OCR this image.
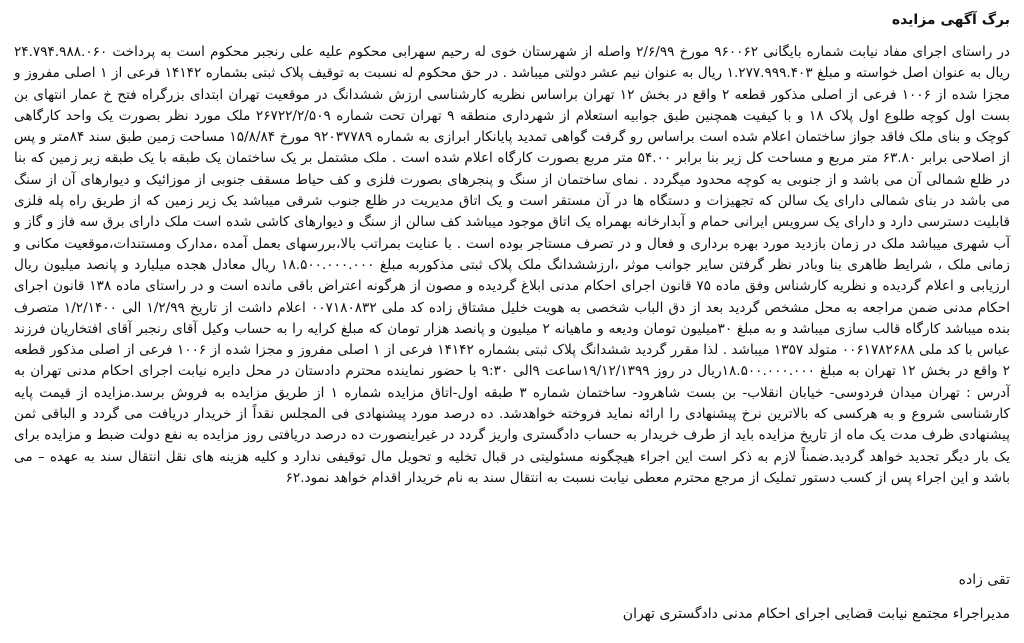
برگ آگهی مزایده

در راستای اجرای مفاد نیابت شماره بایگانی ۹۶۰۰۶۲ مورخ ۲/۶/۹۹ واصله از شهرستان خوی له رحیم سهرابی محکوم علیه علی رنجبر محکوم است به پرداخت ۲۴.۷۹۴.۹۸۸.۰۶۰ ریال به عنوان اصل خواسته و مبلغ ۱.۲۷۷.۹۹۹.۴۰۳ ریال به عنوان نیم عشر دولتی میباشد . در حق محکوم له نسبت به توقیف پلاک ثبتی بشماره ۱۴۱۴۲ فرعی از ۱ اصلی مفروز و مجزا شده از ۱۰۰۶ فرعی از اصلی مذکور قطعه ۲ واقع در بخش ۱۲ تهران براساس نظریه کارشناسی ارزش ششدانگ در موقعیت تهران ابتدای بزرگراه فتح خ عمار انتهای بن بست اول کوچه طلوع اول پلاک ۱۸ و با کیفیت همچنین طبق جوابیه استعلام از شهرداری منطقه ۹ تهران تحت شماره ۲۶۷۲۲/۲/۵۰۹ ملک مورد نظر بصورت یک واحد کارگاهی کوچک و بنای ملک فاقد جواز ساختمان اعلام شده است براساس رو گرفت گواهی تمدید پایانکار ابرازی به شماره ۹۲۰۳۷۷۸۹ مورخ ۱۵/۸/۸۴ مساحت زمین طبق سند ۸۴متر و پس از اصلاحی برابر ۶۳.۸۰ متر مربع و مساحت کل زیر بنا برابر ۵۴.۰۰ متر مربع بصورت کارگاه اعلام شده است . ملک مشتمل بر یک ساختمان یک طبقه با یک طبقه زیر زمین که بنا در ظلع شمالی آن می باشد و از جنوبی به کوچه محدود میگردد . نمای ساختمان از سنگ و پنجرهای بصورت فلزی و کف حیاط مسقف جنوبی از موزائیک و دیوارهای آن از سنگ می باشد در بنای شمالی دارای یک سالن که تجهیزات و دستگاه ها در آن مستقر است و یک اتاق مدیریت در ظلع جنوب شرقی میباشد یک زیر زمین که از طریق راه پله فلزی قابلیت دسترسی دارد و دارای یک سرویس ایرانی حمام و آبدارخانه بهمراه یک اتاق موجود میباشد کف سالن از سنگ و دیوارهای کاشی شده است ملک دارای برق سه فاز و گاز و آب شهری میباشد ملک در زمان بازدید مورد بهره برداری و فعال و در تصرف مستاجر بوده است . با عنایت بمراتب بالا،بررسهای بعمل آمده ،مدارک ومستندات،موقعیت مکانی و زمانی ملک ، شرایط ظاهری بنا وبادر نظر گرفتن سایر جوانب موثر ،ارزششدانگ ملک پلاک ثبتی مذکوربه مبلغ ۱۸.۵۰۰.۰۰۰.۰۰۰ ریال معادل هجده میلیارد و پانصد میلیون ریال ارزیابی و اعلام گردیده و نظریه کارشناس وفق ماده ۷۵ قانون اجرای احکام مدنی ابلاغ گردیده و مصون از هرگونه اعتراض باقی مانده است و در راستای ماده ۱۳۸ قانون اجرای احکام مدنی ضمن مراجعه به محل مشخص گردید بعد از دق الباب شخصی به هویت خلیل مشتاق زاده کد ملی ۰۰۷۱۸۰۸۳۲ اعلام داشت از تاریخ ۱/۲/۹۹ الی ۱/۲/۱۴۰۰ متصرف بنده میباشد کارگاه قالب سازی میباشد و به مبلغ ۳۰میلیون تومان ودیعه و ماهیانه ۲ میلیون و پانصد هزار تومان که مبلغ کرایه را به حساب وکیل آقای رنجبر آقای افتخاریان فرزند عباس با کد ملی ۰۰۶۱۷۸۲۶۸۸ متولد ۱۳۵۷ میباشد . لذا مقرر گردید ششدانگ پلاک ثبتی بشماره ۱۴۱۴۲ فرعی از ۱ اصلی مفروز و مجزا شده از ۱۰۰۶ فرعی از اصلی مذکور قطعه ۲ واقع در بخش ۱۲ تهران به مبلغ ۱۸.۵۰۰.۰۰۰.۰۰۰ریال در روز ۱۹/۱۲/۱۳۹۹ساعت ۹الی ۹:۳۰ با حضور نماینده محترم دادستان در محل دایره نیابت اجرای احکام مدنی تهران به آدرس : تهران میدان فردوسی- خیابان انقلاب- بن بست شاهرود- ساختمان شماره ۳ طبقه اول-اتاق مزایده شماره ۱ از طریق مزایده به فروش برسد.مزایده از قیمت پایه کارشناسی شروع و به هرکسی که بالاترین نرخ پیشنهادی را ارائه نماید فروخته خواهدشد. ده درصد مورد پیشنهادی فی المجلس نقداً از خریدار دریافت می گردد و الباقی ثمن پیشنهادی ظرف مدت یک ماه از تاریخ مزایده باید از طرف خریدار به حساب دادگستری واریز گردد در غیراینصورت ده درصد دریافتی روز مزایده به نفع دولت ضبط و مزایده برای یک بار دیگر تجدید خواهد گردید.ضمناً لازم به ذکر است این اجراء هیچگونه مسئولیتی در قبال تخلیه و تحویل مال توقیفی ندارد و کلیه هزینه های نقل انتقال سند به عهده – می باشد و این اجراء پس از کسب دستور تملیک از مرجع محترم معطی نیابت نسبت به انتقال سند به نام خریدار اقدام خواهد نمود.۶۲

تقی زاده
مدیراجراء مجتمع نیابت قضایی اجرای احکام مدنی دادگستری تهران
